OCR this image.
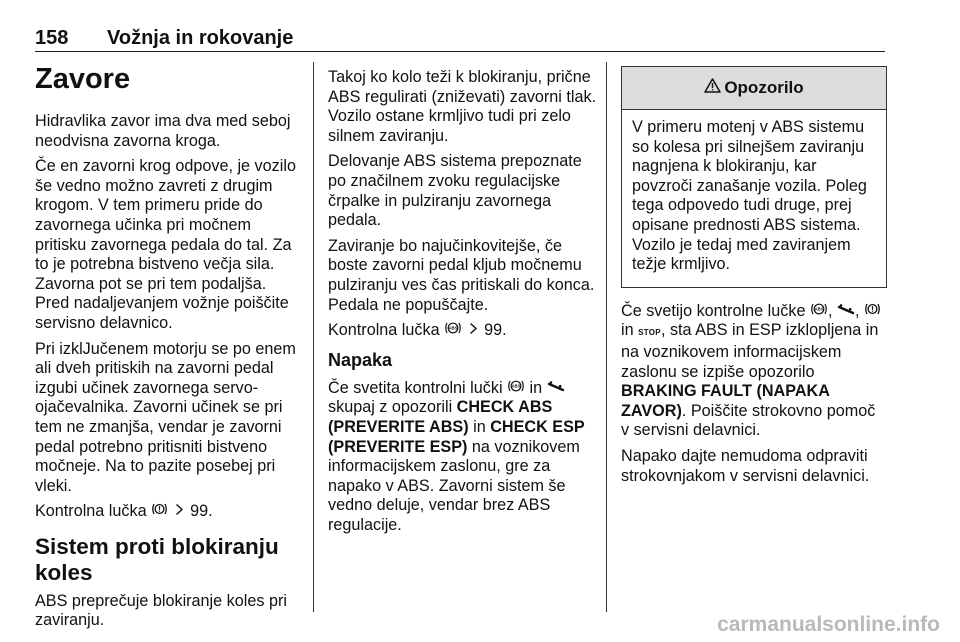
158 Vožnja in rokovanje
Zavore

Hidravlika zavor ima dva med seboj neodvisna zavorna kroga.

Če en zavorni krog odpove, je vozilo še vedno možno zavreti z drugim krogom. V tem primeru pride do zavornega učinka pri močnem pritisku zavornega pedala do tal. Za to je potrebna bistveno večja sila. Zavorna pot se pri tem podaljša. Pred nadaljevanjem vožnje poiščite servisno delavnico.

Pri izklJučenem motorju se po enem ali dveh pritiskih na zavorni pedal izgubi učinek zavornega servo-ojačevalnika. Zavorni učinek se pri tem ne zmanjša, vendar je zavorni pedal potrebno pritisniti bistveno močneje. Na to pazite posebej pri vleki.

Kontrolna lučka	99.

Sistem proti blokiranju koles

ABS preprečuje blokiranje koles pri zaviranju.

Takoj ko kolo teži k blokiranju, prične ABS regulirati (zniževati) zavorni tlak. Vozilo ostane krmljivo tudi pri zelo silnem zaviranju.

Delovanje ABS sistema prepoznate po značilnem zvoku regulacijske črpalke in pulziranju zavornega pedala.

Zaviranje bo najučinkovitejše, če boste zavorni pedal kljub močnemu pulziranju ves čas pritiskali do konca. Pedala ne popuščajte.

Kontrolna lučka ABS 99.

Napaka

Če svetita kontrolni lučki ABS in  skupaj z opozorili CHECK ABS (PREVERITE ABS) in CHECK ESP (PREVERITE ESP) na voznikovem informacijskem zaslonu, gre za napako v ABS. Zavorni sistem še vedno deluje, vendar brez ABS regulacije.

Opozorilo
V primeru motenj v ABS sistemu so kolesa pri silnejšem zaviranju nagnjena k blokiranju, kar povzroči zanašanje vozila. Poleg tega odpovedo tudi druge, prej opisane prednosti ABS sistema. Vozilo je tedaj med zaviranjem težje krmljivo.

Če svetijo kontrolne lučke ABS , ,  in STOP, sta ABS in ESP izklopljena in na voznikovem informacijskem zaslonu se izpiše opozorilo BRAKING FAULT (NAPAKA ZAVOR). Poiščite strokovno pomoč v servisni delavnici.

Napako dajte nemudoma odpraviti strokovnjakom v servisni delavnici.

carmanualsonline.info
